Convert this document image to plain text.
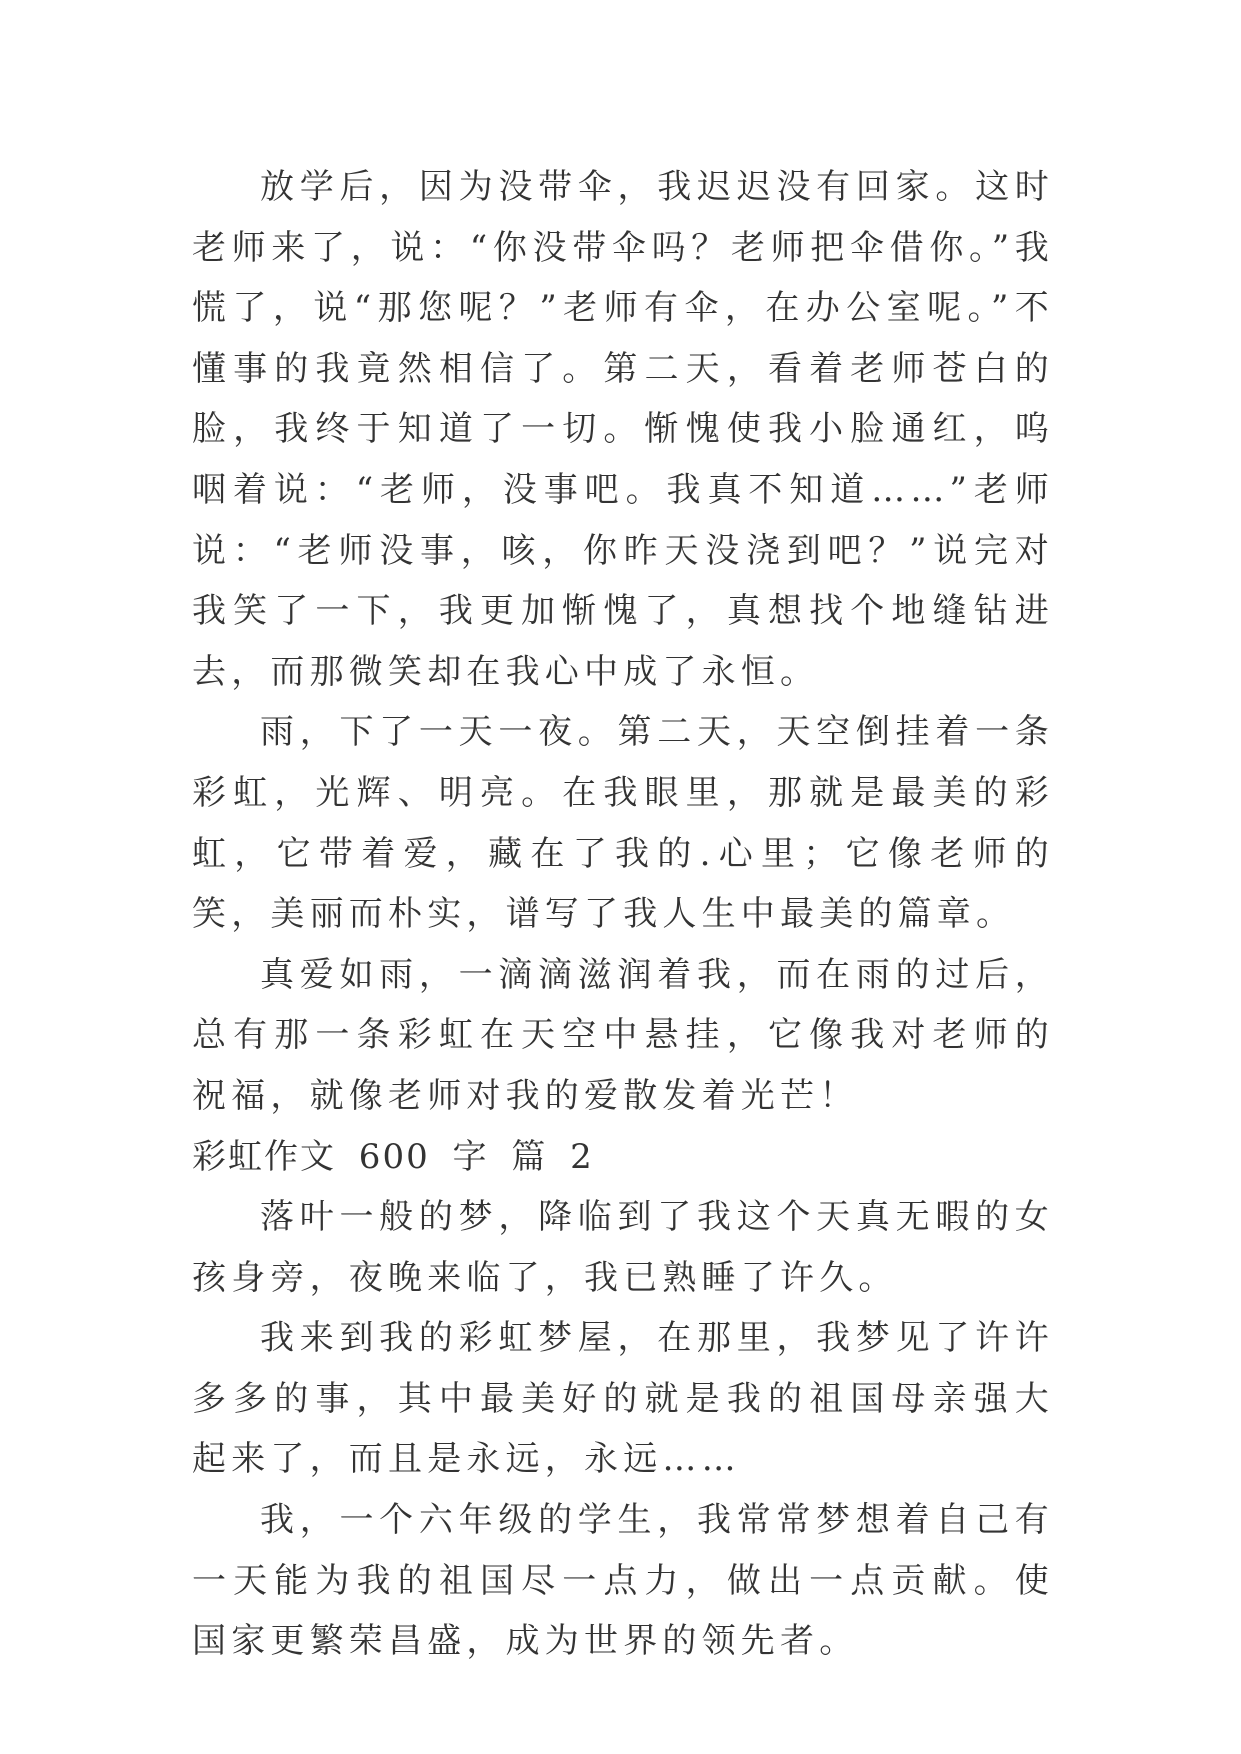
放学后，因为没带伞，我迟迟没有回家。这时老师来了，说：“你没带伞吗？老师把伞借你。”我慌了，说“那您呢？”老师有伞，在办公室呢。”不懂事的我竟然相信了。第二天，看着老师苍白的脸，我终于知道了一切。惭愧使我小脸通红，呜咽着说：“老师，没事吧。我真不知道……”老师说：“老师没事，咳，你昨天没浇到吧？”说完对我笑了一下，我更加惭愧了，真想找个地缝钻进去，而那微笑却在我心中成了永恒。

雨，下了一天一夜。第二天，天空倒挂着一条彩虹，光辉、明亮。在我眼里，那就是最美的彩虹，它带着爱，藏在了我的.心里；它像老师的笑，美丽而朴实，谱写了我人生中最美的篇章。

真爱如雨，一滴滴滋润着我，而在雨的过后，总有那一条彩虹在天空中悬挂，它像我对老师的祝福，就像老师对我的爱散发着光芒！

彩虹作文 600 字 篇 2

落叶一般的梦，降临到了我这个天真无暇的女孩身旁，夜晚来临了，我已熟睡了许久。

我来到我的彩虹梦屋，在那里，我梦见了许许多多的事，其中最美好的就是我的祖国母亲强大起来了，而且是永远，永远……

我，一个六年级的学生，我常常梦想着自己有一天能为我的祖国尽一点力，做出一点贡献。使国家更繁荣昌盛，成为世界的领先者。
